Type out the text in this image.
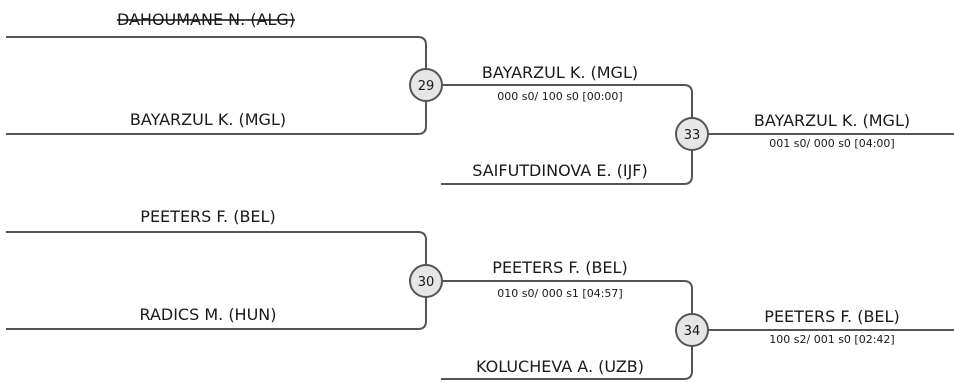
DAHOUMANE N. (ALG)
BAYARZUL K. (MGL)
29
BAYARZUL K. (MGL)
000 s0/ 100 s0 [00:00]
SAIFUTDINOVA E. (IJF)
33
BAYARZUL K. (MGL)
001 s0/ 000 s0 [04:00]
PEETERS F. (BEL)
RADICS M. (HUN)
30
PEETERS F. (BEL)
010 s0/ 000 s1 [04:57]
KOLUCHEVA A. (UZB)
34
PEETERS F. (BEL)
100 s2/ 001 s0 [02:42]
